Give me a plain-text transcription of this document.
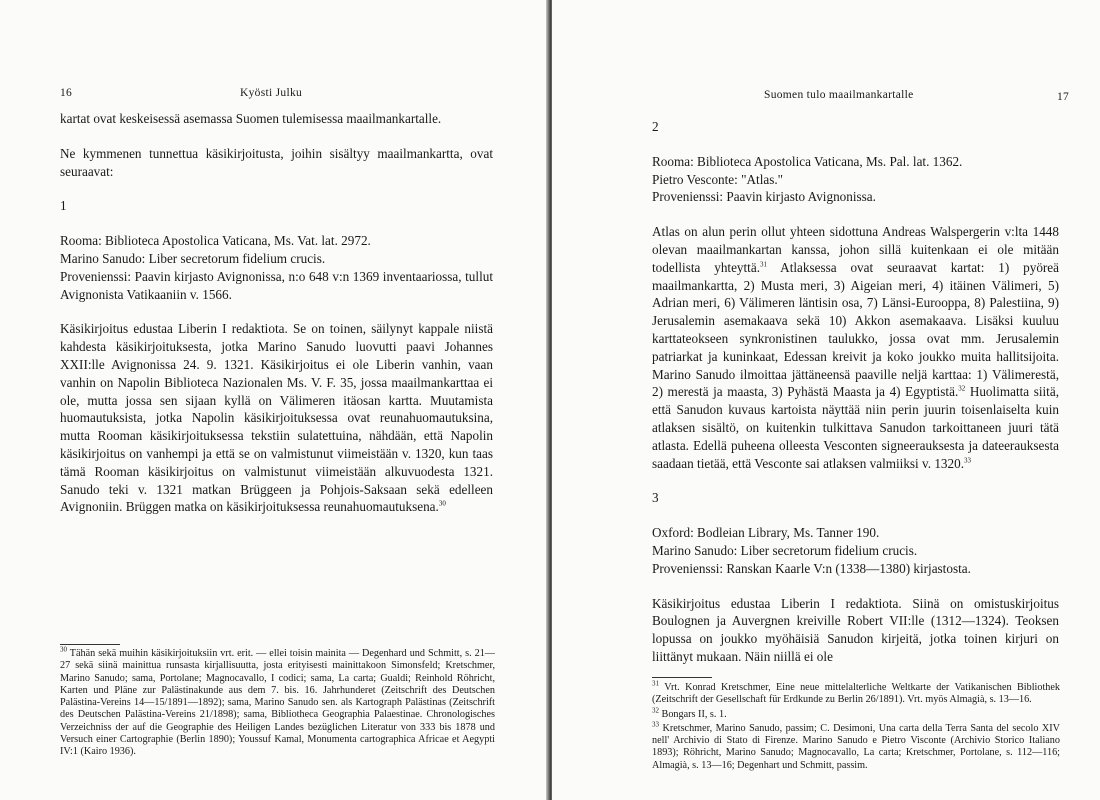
16	Kyösti Julku

kartat ovat keskeisessä asemassa Suomen tulemisessa maailmankartalle.

Ne kymmenen tunnettua käsikirjoitusta, joihin sisältyy maailmankartta, ovat seuraavat:

1

Rooma: Biblioteca Apostolica Vaticana, Ms. Vat. lat. 2972.
Marino Sanudo: Liber secretorum fidelium crucis.

Provenienssi: Paavin kirjasto Avignonissa, n:o 648 v:n 1369 inventaariossa, tullut Avignonista Vatikaaniin v. 1566.

Käsikirjoitus edustaa Liberin I redaktiota. Se on toinen, säilynyt kappale niistä kahdesta käsikirjoituksesta, jotka Marino Sanudo luovutti paavi Johannes XXII:lle Avignonissa 24. 9. 1321. Käsikirjoitus ei ole Liberin vanhin, vaan vanhin on Napolin Biblioteca Nazionalen Ms. V. F. 35, jossa maailmankarttaa ei ole, mutta jossa sen sijaan kyllä on Välimeren itäosan kartta. Muutamista huomautuksista, jotka Napolin käsikirjoituksessa ovat reunahuomautuksina, mutta Rooman käsikirjoituksessa tekstiin sulatettuina, nähdään, että Napolin käsikirjoitus on vanhempi ja että se on valmistunut viimeistään v. 1320, kun taas tämä Rooman käsikirjoitus on valmistunut viimeistään alkuvuodesta 1321. Sanudo teki v. 1321 matkan Brüggeen ja Pohjois-Saksaan sekä edelleen Avignoniin. Brüggen matka on käsikirjoituksessa reunahuomautuksena.$^{30}$

$^{30}$ Tähän sekä muihin käsikirjoituksiin vrt. erit. — ellei toisin mainita — Degenhard und Schmitt, s. 21—27 sekä siinä mainittua runsasta kirjallisuutta, josta erityisesti mainittakoon Simonsfeld; Kretschmer, Marino Sanudo; sama, Portolane; Magnocavallo, I codici; sama, La carta; Gualdi; Reinhold Röhricht, Karten und Pläne zur Palästinakunde aus dem 7. bis. 16. Jahrhunderet (Zeitschrift des Deutschen Palästina-Vereins 14—15/1891—1892); sama, Marino Sanudo sen. als Kartograph Palästinas (Zeitschrift des Deutschen Palästina-Vereins 21/1898); sama, Bibliotheca Geographia Palaestinae. Chronologisches Verzeichniss der auf die Geographie des Heiligen Landes bezüglichen Literatur von 333 bis 1878 und Versuch einer Cartographie (Berlin 1890); Youssuf Kamal, Monumenta cartographica Africae et Aegypti IV:1 (Kairo 1936).

Suomen tulo maailmankartalle	17

2

Rooma: Biblioteca Apostolica Vaticana, Ms. Pal. lat. 1362.
Pietro Vesconte: "Atlas."
Provenienssi: Paavin kirjasto Avignonissa.

Atlas on alun perin ollut yhteen sidottuna Andreas Walspergerin v:lta 1448 olevan maailmankartan kanssa, johon sillä kuitenkaan ei ole mitään todellista yhteyttä.$^{31}$ Atlaksessa ovat seuraavat kartat: 1) pyöreä maailmankartta, 2) Musta meri, 3) Aigeian meri, 4) itäinen Välimeri, 5) Adrian meri, 6) Välimeren läntisin osa, 7) Länsi-Eurooppa, 8) Palestiina, 9) Jerusalemin asemakaava sekä 10) Akkon asemakaava. Lisäksi kuuluu karttateokseen synkronistinen taulukko, jossa ovat mm. Jerusalemin patriarkat ja kuninkaat, Edessan kreivit ja koko joukko muita hallitsijoita. Marino Sanudo ilmoittaa jättäneensä paaville neljä karttaa: 1) Välimerestä, 2) merestä ja maasta, 3) Pyhästä Maasta ja 4) Egyptistä.$^{32}$ Huolimatta siitä, että Sanudon kuvaus kartoista näyttää niin perin juurin toisenlaiselta kuin atlaksen sisältö, on kuitenkin tulkittava Sanudon tarkoittaneen juuri tätä atlasta. Edellä puheena olleesta Vesconten signeerauksesta ja dateerauksesta saadaan tietää, että Vesconte sai atlaksen valmiiksi v. 1320.33

3

Oxford: Bodleian Library, Ms. Tanner 190.
Marino Sanudo: Liber secretorum fidelium crucis.
Provenienssi: Ranskan Kaarle V:n (1338—1380) kirjastosta.

Käsikirjoitus edustaa Liberin I redaktiota. Siinä on omistuskirjoitus Boulognen ja Auvergnen kreiville Robert VII:lle (1312—1324). Teoksen lopussa on joukko myöhäisiä Sanudon kirjeitä, jotka toinen kirjuri on liittänyt mukaan. Näin niillä ei ole

$^{31}$ Vrt. Konrad Kretschmer, Eine neue mittelalterliche Weltkarte der Vatikanischen Bibliothek (Zeitschrift der Gesellschaft für Erdkunde zu Berlin 26/1891). Vrt. myös Almagià, s. 13—16.

$^{32}$ Bongars II, s. 1.

$^{33}$ Kretschmer, Marino Sanudo, passim; C. Desimoni, Una carta della Terra Santa del secolo XIV nell' Archivio di Stato di Firenze. Marino Sanudo e Pietro Visconte (Archivio Storico Italiano 1893); Röhricht, Marino Sanudo; Magnocavallo, La carta; Kretschmer, Portolane, s. 112—116; Almagià, s. 13—16; Degenhart und Schmitt, passim.
